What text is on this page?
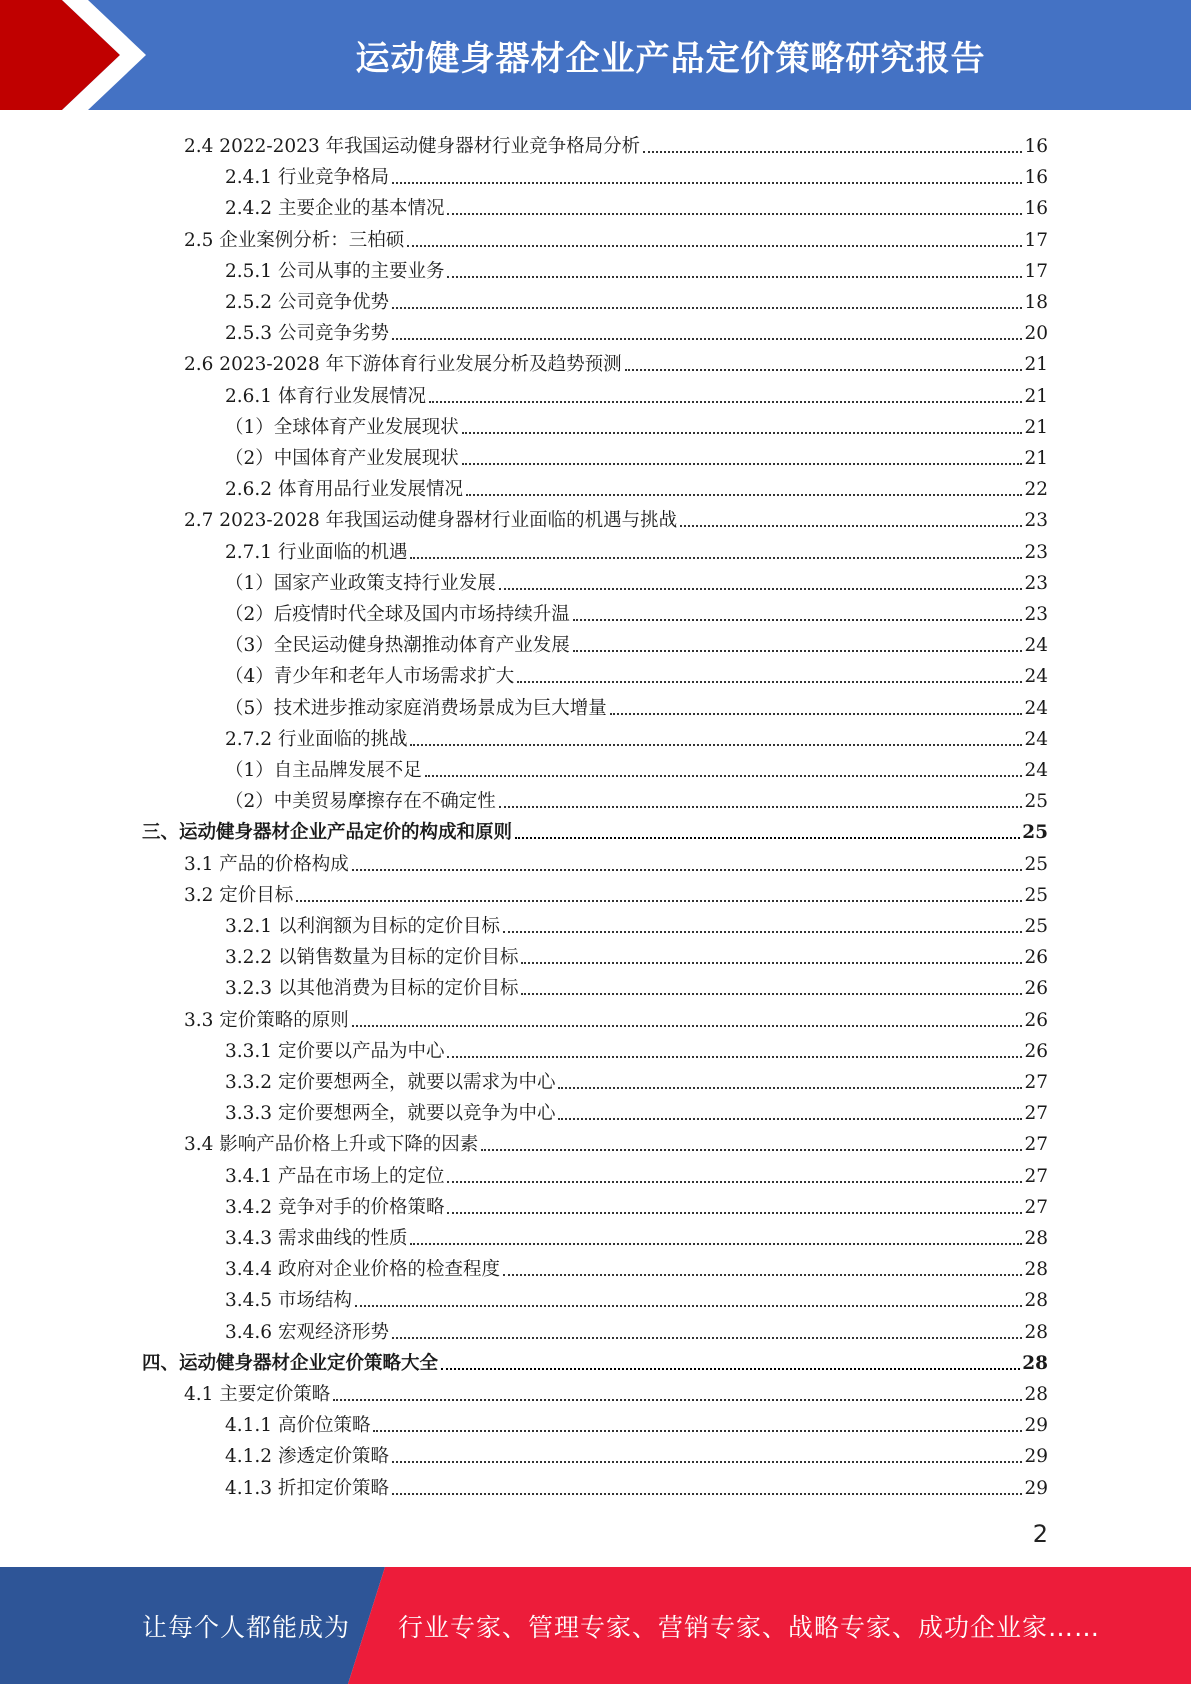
运动健身器材企业产品定价策略研究报告
2.4 2022-2023 年我国运动健身器材行业竞争格局分析	16
2.4.1 行业竞争格局	16
2.4.2 主要企业的基本情况	16
2.5 企业案例分析：三柏硕	17
2.5.1 公司从事的主要业务	17
2.5.2 公司竞争优势	18
2.5.3 公司竞争劣势	20
2.6 2023-2028 年下游体育行业发展分析及趋势预测	21
2.6.1 体育行业发展情况	21
（1）全球体育产业发展现状	21
（2）中国体育产业发展现状	21
2.6.2 体育用品行业发展情况	22
2.7 2023-2028 年我国运动健身器材行业面临的机遇与挑战	23
2.7.1 行业面临的机遇	23
（1）国家产业政策支持行业发展	23
（2）后疫情时代全球及国内市场持续升温	23
（3）全民运动健身热潮推动体育产业发展	24
（4）青少年和老年人市场需求扩大	24
（5）技术进步推动家庭消费场景成为巨大增量	24
2.7.2 行业面临的挑战	24
（1）自主品牌发展不足	24
（2）中美贸易摩擦存在不确定性	25
三、运动健身器材企业产品定价的构成和原则	25
3.1 产品的价格构成	25
3.2 定价目标	25
3.2.1 以利润额为目标的定价目标	25
3.2.2 以销售数量为目标的定价目标	26
3.2.3 以其他消费为目标的定价目标	26
3.3 定价策略的原则	26
3.3.1 定价要以产品为中心	26
3.3.2 定价要想两全，就要以需求为中心	27
3.3.3 定价要想两全，就要以竞争为中心	27
3.4 影响产品价格上升或下降的因素	27
3.4.1 产品在市场上的定位	27
3.4.2 竞争对手的价格策略	27
3.4.3 需求曲线的性质	28
3.4.4 政府对企业价格的检查程度	28
3.4.5 市场结构	28
3.4.6 宏观经济形势	28
四、运动健身器材企业定价策略大全	28
4.1 主要定价策略	28
4.1.1 高价位策略	29
4.1.2 渗透定价策略	29
4.1.3 折扣定价策略	29
2
让每个人都能成为 行业专家、管理专家、营销专家、战略专家、成功企业家……
